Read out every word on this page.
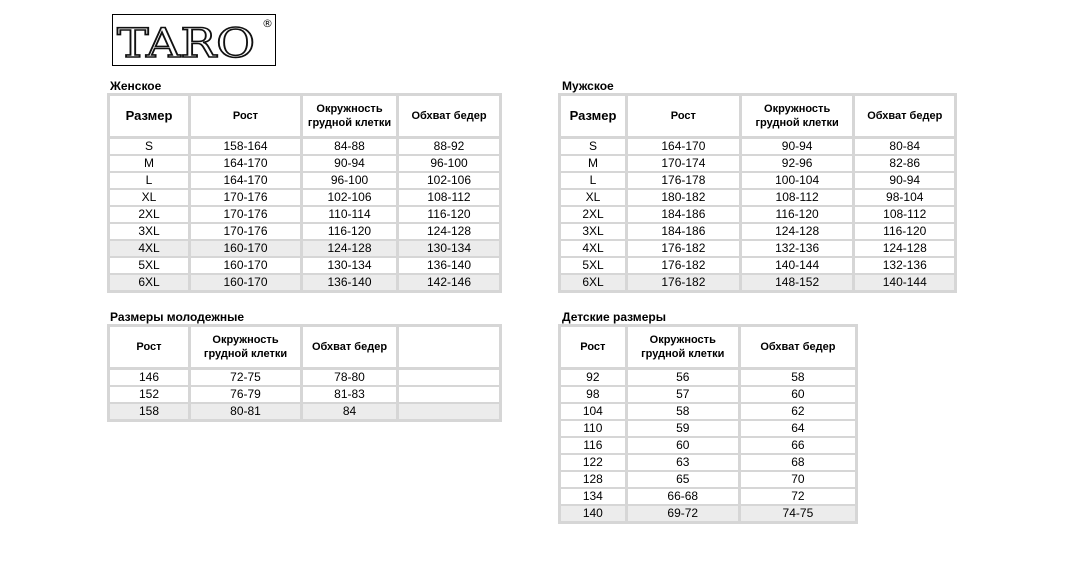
TARO ®
Женское
Размер	Рост	Окружность грудной клетки	Обхват бедер
S	158-164	84-88	88-92
M	164-170	90-94	96-100
L	164-170	96-100	102-106
XL	170-176	102-106	108-112
2XL	170-176	110-114	116-120
3XL	170-176	116-120	124-128
4XL	160-170	124-128	130-134
5XL	160-170	130-134	136-140
6XL	160-170	136-140	142-146
Мужское
Размер	Рост	Окружность грудной клетки	Обхват бедер
S	164-170	90-94	80-84
M	170-174	92-96	82-86
L	176-178	100-104	90-94
XL	180-182	108-112	98-104
2XL	184-186	116-120	108-112
3XL	184-186	124-128	116-120
4XL	176-182	132-136	124-128
5XL	176-182	140-144	132-136
6XL	176-182	148-152	140-144
Размеры молодежные
Рост	Окружность грудной клетки	Обхват бедер	
146	72-75	78-80	
152	76-79	81-83	
158	80-81	84	
Детские размеры
Рост	Окружность грудной клетки	Обхват бедер
92	56	58
98	57	60
104	58	62
110	59	64
116	60	66
122	63	68
128	65	70
134	66-68	72
140	69-72	74-75
